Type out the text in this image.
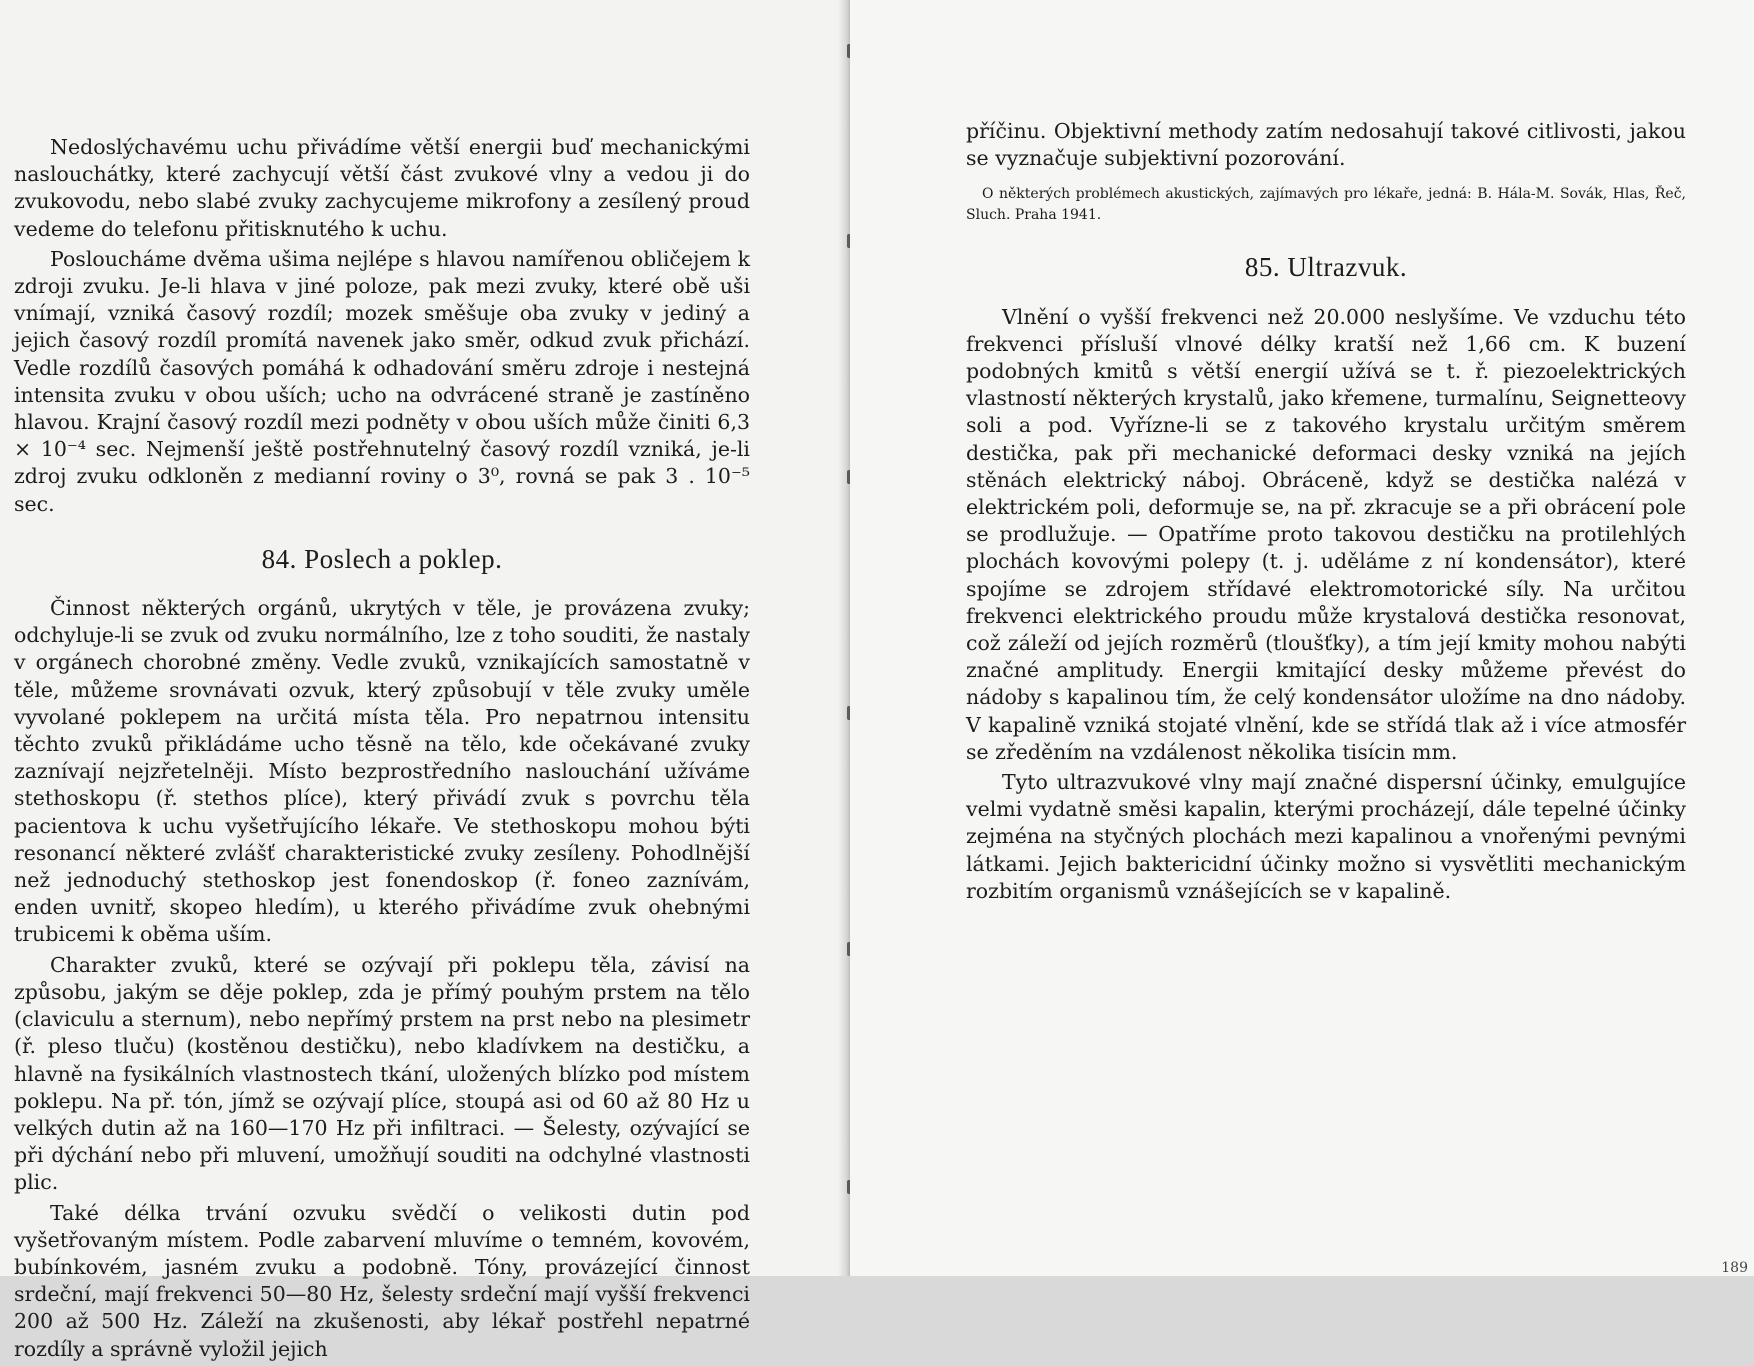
Nedoslýchavému uchu přivádíme větší energii buď mechanickými naslouchátky, které zachycují větší část zvukové vlny a vedou ji do zvukovodu, nebo slabé zvuky zachycujeme mikrofony a zesílený proud vedeme do telefonu přitisknutého k uchu.

Posloucháme dvěma ušima nejlépe s hlavou namířenou obličejem k zdroji zvuku. Je-li hlava v jiné poloze, pak mezi zvuky, které obě uši vnímají, vzniká časový rozdíl; mozek směšuje oba zvuky v jediný a jejich časový rozdíl promítá navenek jako směr, odkud zvuk přichází. Vedle rozdílů časových pomáhá k odhadování směru zdroje i nestejná intensita zvuku v obou uších; ucho na odvrácené straně je zastíněno hlavou. Krajní časový rozdíl mezi podněty v obou uších může činiti 6,3 × 10⁻⁴ sec. Nejmenší ještě postřehnutelný časový rozdíl vzniká, je-li zdroj zvuku odkloněn z medianní roviny o 3⁰, rovná se pak 3 . 10⁻⁵ sec.

84. Poslech a poklep.

Činnost některých orgánů, ukrytých v těle, je provázena zvuky; odchyluje-li se zvuk od zvuku normálního, lze z toho souditi, že nastaly v orgánech chorobné změny. Vedle zvuků, vznikajících samostatně v těle, můžeme srovnávati ozvuk, který způsobují v těle zvuky uměle vyvolané poklepem na určitá místa těla. Pro nepatrnou intensitu těchto zvuků přikládáme ucho těsně na tělo, kde očekávané zvuky zaznívají nejzřetelněji. Místo bezprostředního naslouchání užíváme stethoskopu (ř. stethos plíce), který přivádí zvuk s povrchu těla pacientova k uchu vyšetřujícího lékaře. Ve stethoskopu mohou býti resonancí některé zvlášť charakteristické zvuky zesíleny. Pohodlnější než jednoduchý stethoskop jest fonendoskop (ř. foneo zaznívám, enden uvnitř, skopeo hledím), u kterého přivádíme zvuk ohebnými trubicemi k oběma uším.

Charakter zvuků, které se ozývají při poklepu těla, závisí na způsobu, jakým se děje poklep, zda je přímý pouhým prstem na tělo (claviculu a sternum), nebo nepřímý prstem na prst nebo na plesimetr (ř. pleso tluču) (kostěnou destičku), nebo kladívkem na destičku, a hlavně na fysikálních vlastnostech tkání, uložených blízko pod místem poklepu. Na př. tón, jímž se ozývají plíce, stoupá asi od 60 až 80 Hz u velkých dutin až na 160—170 Hz při infiltraci. — Šelesty, ozývající se při dýchání nebo při mluvení, umožňují souditi na odchylné vlastnosti plic.

Také délka trvání ozvuku svědčí o velikosti dutin pod vyšetřovaným místem. Podle zabarvení mluvíme o temném, kovovém, bubínkovém, jasném zvuku a podobně. Tóny, provázející činnost srdeční, mají frekvenci 50—80 Hz, šelesty srdeční mají vyšší frekvenci 200 až 500 Hz. Záleží na zkušenosti, aby lékař postřehl nepatrné rozdíly a správně vyložil jejich

189

příčinu. Objektivní methody zatím nedosahují takové citlivosti, jakou se vyznačuje subjektivní pozorování.

O některých problémech akustických, zajímavých pro lékaře, jedná: B. Hála-M. Sovák, Hlas, Řeč, Sluch. Praha 1941.

85. Ultrazvuk.

Vlnění o vyšší frekvenci než 20.000 neslyšíme. Ve vzduchu této frekvenci přísluší vlnové délky kratší než 1,66 cm. K buzení podobných kmitů s větší energií užívá se t. ř. piezoelektrických vlastností některých krystalů, jako křemene, turmalínu, Seignetteovy soli a pod. Vyřízne-li se z takového krystalu určitým směrem destička, pak při mechanické deformaci desky vzniká na jejích stěnách elektrický náboj. Obráceně, když se destička nalézá v elektrickém poli, deformuje se, na př. zkracuje se a při obrácení pole se prodlužuje. — Opatříme proto takovou destičku na protilehlých plochách kovovými polepy (t. j. uděláme z ní kondensátor), které spojíme se zdrojem střídavé elektromotorické síly. Na určitou frekvenci elektrického proudu může krystalová destička resonovat, což záleží od jejích rozměrů (tloušťky), a tím její kmity mohou nabýti značné amplitudy. Energii kmitající desky můžeme převést do nádoby s kapalinou tím, že celý kondensátor uložíme na dno nádoby. V kapalině vzniká stojaté vlnění, kde se střídá tlak až i více atmosfér se zředěním na vzdálenost několika tisícin mm.

Tyto ultrazvukové vlny mají značné dispersní účinky, emulgujíce velmi vydatně směsi kapalin, kterými procházejí, dále tepelné účinky zejména na styčných plochách mezi kapalinou a vnořenými pevnými látkami. Jejich baktericidní účinky možno si vysvětliti mechanickým rozbitím organismů vznášejících se v kapalině.
